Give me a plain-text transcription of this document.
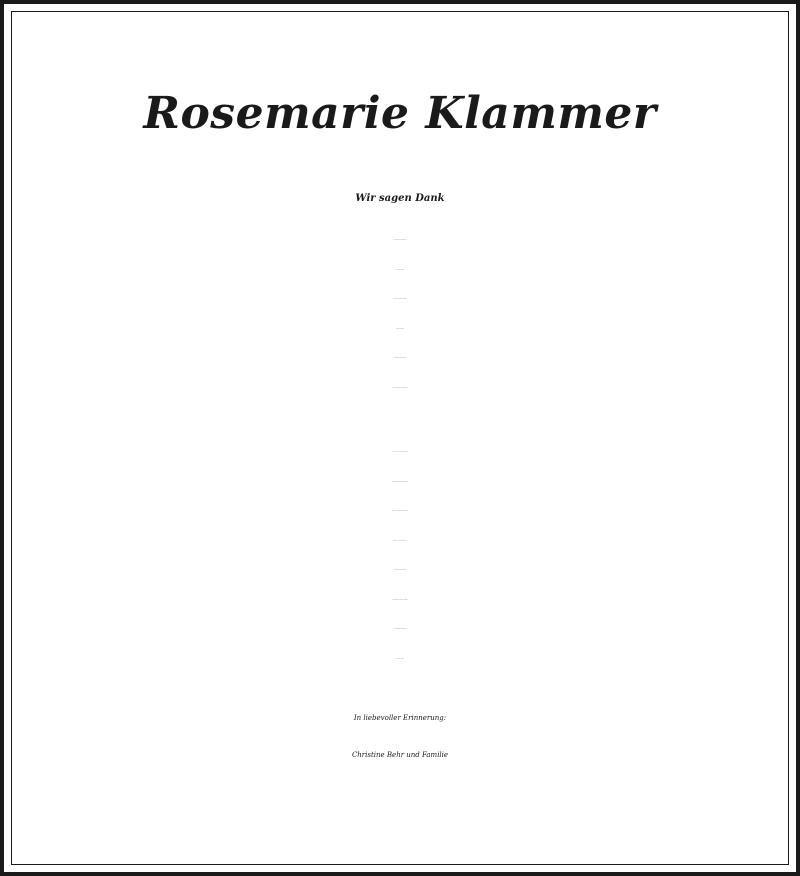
Rosemarie Klammer
Wir sagen Dank
In liebevoller Erinnerung:
Christine Behr und Familie
